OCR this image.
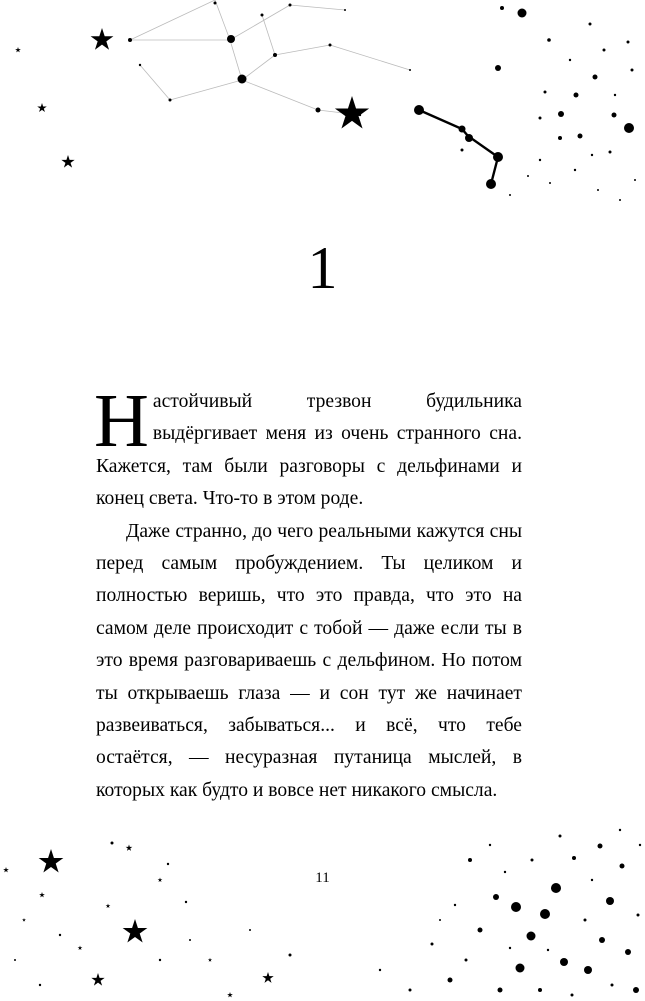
1

Настойчивый трезвон будильника выдёргивает меня из очень странного сна. Кажется, там были разговоры с дельфинами и конец света. Что-то в этом роде.

Даже странно, до чего реальными кажутся сны перед самым пробуждением. Ты целиком и полностью веришь, что это правда, что это на самом деле происходит с тобой — даже если ты в это время разговариваешь с дельфином. Но потом ты открываешь глаза — и сон тут же начинает развеиваться, забываться... и всё, что тебе остаётся, — несуразная путаница мыслей, в которых как будто и вовсе нет никакого смысла.

11
